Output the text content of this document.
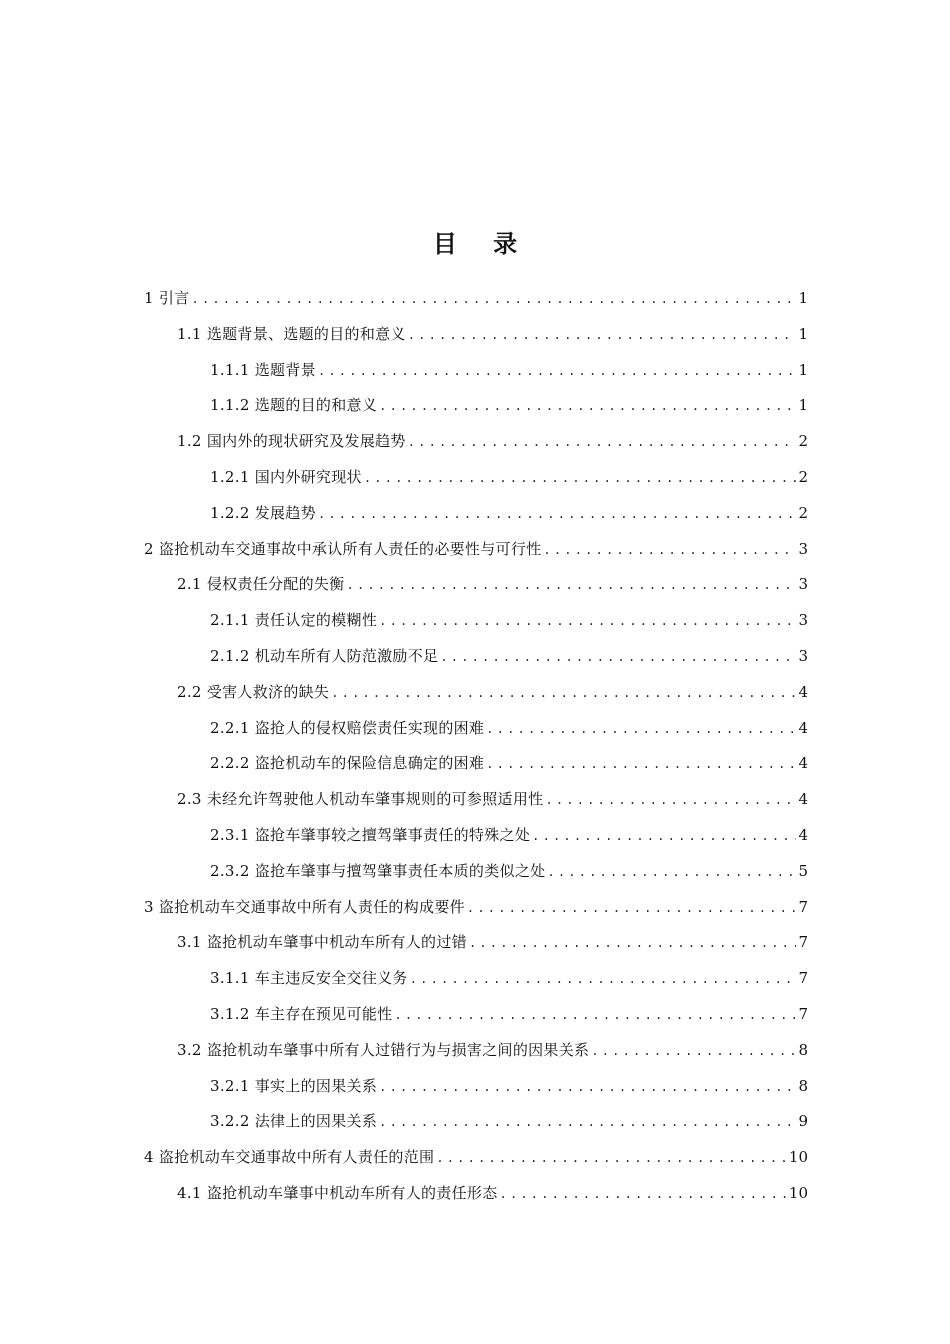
目 录
1 引言 .....	1
1.1 选题背景、选题的目的和意义 .....	1
1.1.1 选题背景 .....	1
1.1.2 选题的目的和意义 .....	1
1.2 国内外的现状研究及发展趋势 .....	2
1.2.1 国内外研究现状 .....	2
1.2.2 发展趋势 .....	2
2 盗抢机动车交通事故中承认所有人责任的必要性与可行性 .....	3
2.1 侵权责任分配的失衡 .....	3
2.1.1 责任认定的模糊性 .....	3
2.1.2 机动车所有人防范激励不足 .....	3
2.2 受害人救济的缺失 .....	4
2.2.1 盗抢人的侵权赔偿责任实现的困难 .....	4
2.2.2 盗抢机动车的保险信息确定的困难 .....	4
2.3 未经允许驾驶他人机动车肇事规则的可参照适用性 .....	4
2.3.1 盗抢车肇事较之擅驾肇事责任的特殊之处 .....	4
2.3.2 盗抢车肇事与擅驾肇事责任本质的类似之处 .....	5
3 盗抢机动车交通事故中所有人责任的构成要件 .....	7
3.1 盗抢机动车肇事中机动车所有人的过错 .....	7
3.1.1 车主违反安全交往义务 .....	7
3.1.2 车主存在预见可能性 .....	7
3.2 盗抢机动车肇事中所有人过错行为与损害之间的因果关系 .....	8
3.2.1 事实上的因果关系 .....	8
3.2.2 法律上的因果关系 .....	9
4 盗抢机动车交通事故中所有人责任的范围 .....	10
4.1 盗抢机动车肇事中机动车所有人的责任形态 .....	10
